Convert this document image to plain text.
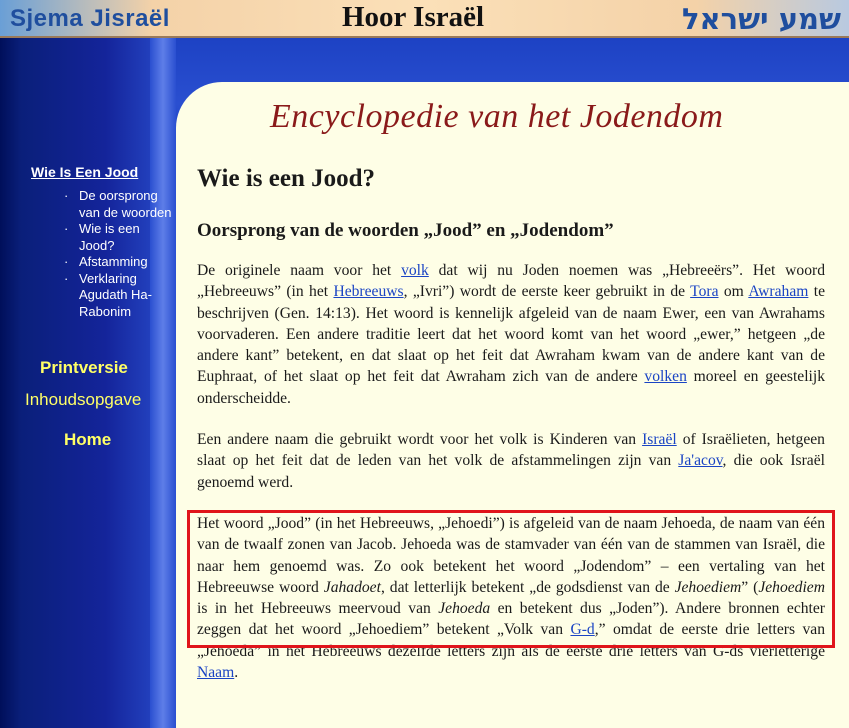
Sjema Jisraël	Hoor Israël	שמע ישראל
Encyclopedie van het Jodendom
Wie Is Een Jood
· De oorsprong van de woorden
· Wie is een Jood?
· Afstamming
· Verklaring Agudath Ha-Rabonim
Printversie
Inhoudsopgave
Home
Wie is een Jood?
Oorsprong van de woorden „Jood” en „Jodendom”

De originele naam voor het volk dat wij nu Joden noemen was „Hebreeërs”. Het woord „Hebreeuws” (in het Hebreeuws, „Ivri”) wordt de eerste keer gebruikt in de Tora om Awraham te beschrijven (Gen. 14:13). Het woord is kennelijk afgeleid van de naam Ewer, een van Awrahams voorvaderen. Een andere traditie leert dat het woord komt van het woord „ewer,” hetgeen „de andere kant” betekent, en dat slaat op het feit dat Awraham kwam van de andere kant van de Euphraat, of het slaat op het feit dat Awraham zich van de andere volken moreel en geestelijk onderscheidde.

Een andere naam die gebruikt wordt voor het volk is Kinderen van Israël of Israëlieten, hetgeen slaat op het feit dat de leden van het volk de afstammelingen zijn van Ja'acov, die ook Israël genoemd werd.

Het woord „Jood” (in het Hebreeuws, „Jehoedi”) is afgeleid van de naam Jehoeda, de naam van één van de twaalf zonen van Jacob. Jehoeda was de stamvader van één van de stammen van Israël, die naar hem genoemd was. Zo ook betekent het woord „Jodendom” – een vertaling van het Hebreeuwse woord Jahadoet, dat letterlijk betekent „de godsdienst van de Jehoediem” (Jehoediem is in het Hebreeuws meervoud van Jehoeda en betekent dus „Joden”). Andere bronnen echter zeggen dat het woord „Jehoediem” betekent „Volk van G-d,” omdat de eerste drie letters van „Jehoeda” in het Hebreeuws dezelfde letters zijn als de eerste drie letters van G-ds vierletterige Naam.
